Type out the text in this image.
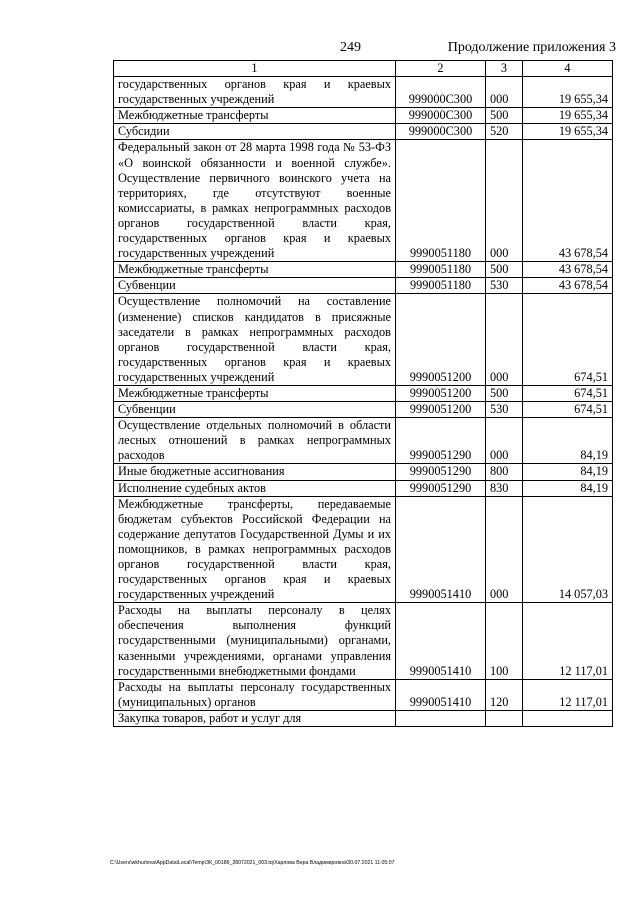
249	Продолжение приложения 3
1	2	3	4
государственных органов края и краевых государственных учреждений	999000С300	000	19 655,34
Межбюджетные трансферты	999000С300	500	19 655,34
Субсидии	999000С300	520	19 655,34
Федеральный закон от 28 марта 1998 года № 53-ФЗ «О воинской обязанности и военной службе». Осуществление первичного воинского учета на территориях, где отсутствуют военные комиссариаты, в рамках непрограммных расходов органов государственной власти края, государственных органов края и краевых государственных учреждений	9990051180	000	43 678,54
Межбюджетные трансферты	9990051180	500	43 678,54
Субвенции	9990051180	530	43 678,54
Осуществление полномочий на составление (изменение) списков кандидатов в присяжные заседатели в рамках непрограммных расходов органов государственной власти края, государственных органов края и краевых государственных учреждений	9990051200	000	674,51
Межбюджетные трансферты	9990051200	500	674,51
Субвенции	9990051200	530	674,51
Осуществление отдельных полномочий в области лесных отношений в рамках непрограммных расходов	9990051290	000	84,19
Иные бюджетные ассигнования	9990051290	800	84,19
Исполнение судебных актов	9990051290	830	84,19
Межбюджетные трансферты, передаваемые бюджетам субъектов Российской Федерации на содержание депутатов Государственной Думы и их помощников, в рамках непрограммных расходов органов государственной власти края, государственных органов края и краевых государственных учреждений	9990051410	000	14 057,03
Расходы на выплаты персоналу в целях обеспечения выполнения функций государственными (муниципальными) органами, казенными учреждениями, органами управления государственными внебюджетными фондами	9990051410	100	12 117,01
Расходы на выплаты персоналу государственных (муниципальных) органов	9990051410	120	12 117,01
Закупка товаров, работ и услуг для			
C:\Users\wkhurlova\AppData\Local\Temp\ЗК_00186_28072021_003.tq\Харлова Вера Владимировна\30.07.2021 11:05:07
